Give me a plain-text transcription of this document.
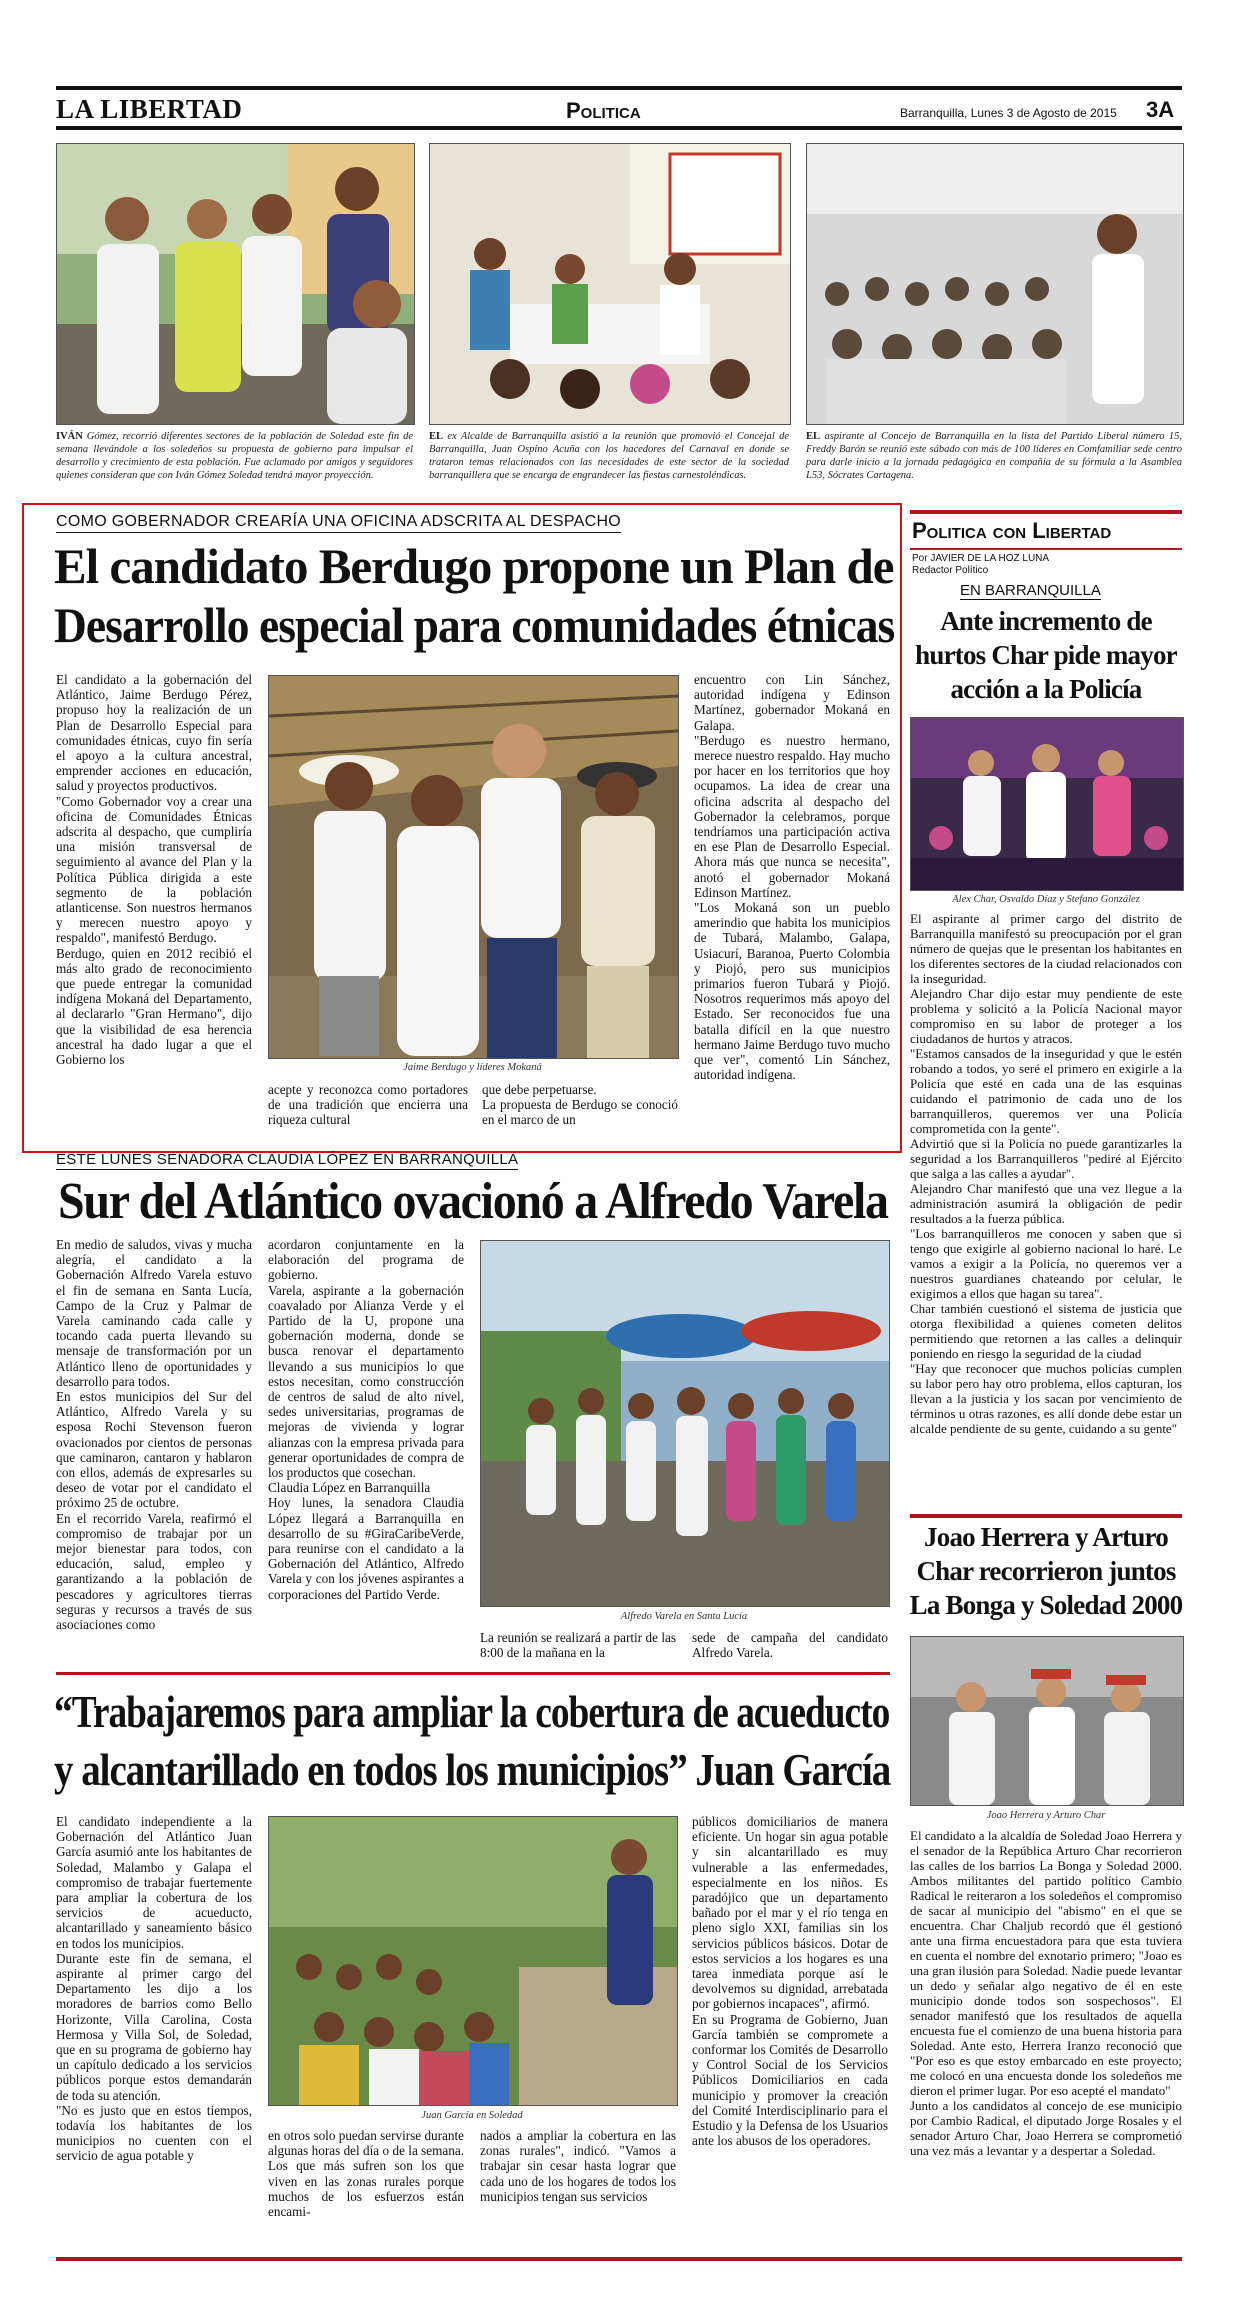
LA LIBERTAD	Politica	Barranquilla, Lunes 3 de Agosto de 2015 3A
IVÁN Gómez, recorrió diferentes sectores de la población de Soledad este fin de semana llevándole a los soledeños su propuesta de gobierno para impulsar el desarrollo y crecimiento de esta población. Fue aclamado por amigos y seguidores quienes consideran que con Iván Gómez Soledad tendrá mayor proyección.
EL ex Alcalde de Barranquilla asistió a la reunión que promovió el Concejal de Barranquilla, Juan Ospino Acuña con los hacedores del Carnaval en donde se trataron temas relacionados con las necesidades de este sector de la sociedad barranquillera que se encarga de engrandecer las fiestas carnestoléndicas.
EL aspirante al Concejo de Barranquilla en la lista del Partido Liberal número 15, Freddy Barón se reunió este sábado con más de 100 líderes en Comfamiliar sede centro para darle inicio a la jornada pedagógica en compañía de su fórmula a la Asamblea L53, Sócrates Cartagena.
COMO GOBERNADOR CREARÍA UNA OFICINA ADSCRITA AL DESPACHO
El candidato Berdugo propone un Plan de
Desarrollo especial para comunidades étnicas

El candidato a la gobernación del Atlántico, Jaime Berdugo Pérez, propuso hoy la realización de un Plan de Desarrollo Especial para comunidades étnicas, cuyo fin sería el apoyo a la cultura ancestral, emprender acciones en educación, salud y proyectos productivos.

"Como Gobernador voy a crear una oficina de Comunidades Étnicas adscrita al despacho, que cumpliría una misión transversal de seguimiento al avance del Plan y la Política Pública dirigida a este segmento de la población atlanticense. Son nuestros hermanos y merecen nuestro apoyo y respaldo", manifestó Berdugo.

Berdugo, quien en 2012 recibió el más alto grado de reconocimiento que puede entregar la comunidad indígena Mokaná del Departamento, al declararlo "Gran Hermano", dijo que la visibilidad de esa herencia ancestral ha dado lugar a que el Gobierno los

Jaime Berdugo y líderes Mokaná

acepte y reconozca como portadores de una tradición que encierra una riqueza cultural

que debe perpetuarse.

La propuesta de Berdugo se conoció en el marco de un

encuentro con Lin Sánchez, autoridad indígena y Edinson Martínez, gobernador Mokaná en Galapa.

"Berdugo es nuestro hermano, merece nuestro respaldo. Hay mucho por hacer en los territorios que hoy ocupamos. La idea de crear una oficina adscrita al despacho del Gobernador la celebramos, porque tendríamos una participación activa en ese Plan de Desarrollo Especial. Ahora más que nunca se necesita", anotó el gobernador Mokaná Edinson Martínez.

"Los Mokaná son un pueblo amerindio que habita los municipios de Tubará, Malambo, Galapa, Usiacurí, Baranoa, Puerto Colombia y Piojó, pero sus municipios primarios fueron Tubará y Piojó. Nosotros requerimos más apoyo del Estado. Ser reconocidos fue una batalla difícil en la que nuestro hermano Jaime Berdugo tuvo mucho que ver", comentó Lin Sánchez, autoridad indígena.

ESTE LUNES SENADORA CLAUDIA LÓPEZ EN BARRANQUILLA
Sur del Atlántico ovacionó a Alfredo Varela

En medio de saludos, vivas y mucha alegría, el candidato a la Gobernación Alfredo Varela estuvo el fin de semana en Santa Lucía, Campo de la Cruz y Palmar de Varela caminando cada calle y tocando cada puerta llevando su mensaje de transformación por un Atlántico lleno de oportunidades y desarrollo para todos.

En estos municipios del Sur del Atlántico, Alfredo Varela y su esposa Rochi Stevenson fueron ovacionados por cientos de personas que caminaron, cantaron y hablaron con ellos, además de expresarles su deseo de votar por el candidato el próximo 25 de octubre.

En el recorrido Varela, reafirmó el compromiso de trabajar por un mejor bienestar para todos, con educación, salud, empleo y garantizando a la población de pescadores y agricultores tierras seguras y recursos a través de sus asociaciones como

acordaron conjuntamente en la elaboración del programa de gobierno.

Varela, aspirante a la gobernación coavalado por Alianza Verde y el Partido de la U, propone una gobernación moderna, donde se busca renovar el departamento llevando a sus municipios lo que estos necesitan, como construcción de centros de salud de alto nivel, sedes universitarias, programas de mejoras de vivienda y lograr alianzas con la empresa privada para generar oportunidades de compra de los productos que cosechan.

Claudia López en Barranquilla

Hoy lunes, la senadora Claudia López llegará a Barranquilla en desarrollo de su #GiraCaribeVerde, para reunirse con el candidato a la Gobernación del Atlántico, Alfredo Varela y con los jóvenes aspirantes a corporaciones del Partido Verde.

Alfredo Varela en Santa Lucía

La reunión se realizará a partir de las 8:00 de la mañana en la

sede de campaña del candidato Alfredo Varela.

“Trabajaremos para ampliar la cobertura de acueducto
y alcantarillado en todos los municipios” Juan García

El candidato independiente a la Gobernación del Atlántico Juan García asumió ante los habitantes de Soledad, Malambo y Galapa el compromiso de trabajar fuertemente para ampliar la cobertura de los servicios de acueducto, alcantarillado y saneamiento básico en todos los municipios.

Durante este fin de semana, el aspirante al primer cargo del Departamento les dijo a los moradores de barrios como Bello Horizonte, Villa Carolina, Costa Hermosa y Villa Sol, de Soledad, que en su programa de gobierno hay un capítulo dedicado a los servicios públicos porque estos demandarán de toda su atención.

"No es justo que en estos tiempos, todavía los habitantes de los municipios no cuenten con el servicio de agua potable y

Juan García en Soledad

en otros solo puedan servirse durante algunas horas del día o de la semana. Los que más sufren son los que viven en las zonas rurales porque muchos de los esfuerzos están encami-

nados a ampliar la cobertura en las zonas rurales", indicó. "Vamos a trabajar sin cesar hasta lograr que cada uno de los hogares de todos los municipios tengan sus servicios

públicos domiciliarios de manera eficiente. Un hogar sin agua potable y sin alcantarillado es muy vulnerable a las enfermedades, especialmente en los niños. Es paradójico que un departamento bañado por el mar y el río tenga en pleno siglo XXI, familias sin los servicios públicos básicos. Dotar de estos servicios a los hogares es una tarea inmediata porque así le devolvemos su dignidad, arrebatada por gobiernos incapaces", afirmó.

En su Programa de Gobierno, Juan García también se compromete a conformar los Comités de Desarrollo y Control Social de los Servicios Públicos Domiciliarios en cada municipio y promover la creación del Comité Interdisciplinario para el Estudio y la Defensa de los Usuarios ante los abusos de los operadores.

Politica con Libertad
Por JAVIER DE LA HOZ LUNA
Redactor Político
EN BARRANQUILLA
Ante incremento de hurtos Char pide mayor acción a la Policía
Alex Char, Osvaldo Díaz y Stefano González

El aspirante al primer cargo del distrito de Barranquilla manifestó su preocupación por el gran número de quejas que le presentan los habitantes en los diferentes sectores de la ciudad relacionados con la inseguridad.

Alejandro Char dijo estar muy pendiente de este problema y solicitó a la Policía Nacional mayor compromiso en su labor de proteger a los ciudadanos de hurtos y atracos.

"Estamos cansados de la inseguridad y que le estén robando a todos, yo seré el primero en exigirle a la Policía que esté en cada una de las esquinas cuidando el patrimonio de cada uno de los barranquilleros, queremos ver una Policía comprometida con la gente".

Advirtió que si la Policía no puede garantizarles la seguridad a los Barranquilleros "pediré al Ejército que salga a las calles a ayudar".

Alejandro Char manifestó que una vez llegue a la administración asumirá la obligación de pedir resultados a la fuerza pública.

"Los barranquilleros me conocen y saben que si tengo que exigirle al gobierno nacional lo haré. Le vamos a exigir a la Policía, no queremos ver a nuestros guardianes chateando por celular, le exigimos a ellos que hagan su tarea".

Char también cuestionó el sistema de justicia que otorga flexibilidad a quienes cometen delitos permitiendo que retornen a las calles a delinquir poniendo en riesgo la seguridad de la ciudad

"Hay que reconocer que muchos policías cumplen su labor pero hay otro problema, ellos capturan, los llevan a la justicia y los sacan por vencimiento de términos u otras razones, es allí donde debe estar un alcalde pendiente de su gente, cuidando a su gente"

Joao Herrera y Arturo Char recorrieron juntos La Bonga y Soledad 2000
Joao Herrera y Arturo Char

El candidato a la alcaldía de Soledad Joao Herrera y el senador de la República Arturo Char recorrieron las calles de los barrios La Bonga y Soledad 2000. Ambos militantes del partido político Cambio Radical le reiteraron a los soledeños el compromiso de sacar al municipio del "abismo" en el que se encuentra. Char Chaljub recordó que él gestionó ante una firma encuestadora para que esta tuviera en cuenta el nombre del exnotario primero; "Joao es una gran ilusión para Soledad. Nadie puede levantar un dedo y señalar algo negativo de él en este municipio donde todos son sospechosos". El senador manifestó que los resultados de aquella encuesta fue el comienzo de una buena historia para Soledad. Ante esto, Herrera Iranzo reconoció que "Por eso es que estoy embarcado en este proyecto; me colocó en una encuesta donde los soledeños me dieron el primer lugar. Por eso acepté el mandato"

Junto a los candidatos al concejo de ese municipio por Cambio Radical, el diputado Jorge Rosales y el senador Arturo Char, Joao Herrera se comprometió una vez más a levantar y a despertar a Soledad.
